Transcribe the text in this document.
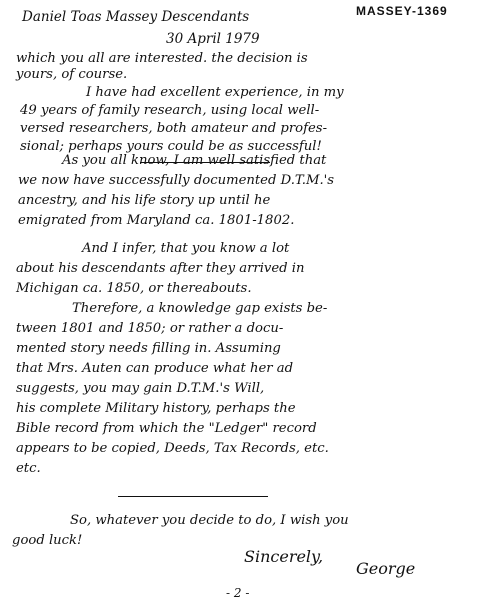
Daniel Toas Massey Descendants	MASSEY-1369
30 April 1979
which you all are interested. the decision is
yours, of course.
I have had excellent experience, in my
49 years of family research, using local well-
versed researchers, both amateur and profes-
sional; perhaps yours could be as successful!
As you all know, I am well satisfied that
we now have successfully documented D.T.M.'s
ancestry, and his life story up until he
emigrated from Maryland ca. 1801-1802.
And I infer, that you know a lot
about his descendants after they arrived in
Michigan ca. 1850, or thereabouts.
Therefore, a knowledge gap exists be-
tween 1801 and 1850; or rather a docu-
mented story needs filling in. Assuming
that Mrs. Auten can produce what her ad
suggests, you may gain D.T.M.'s Will,
his complete Military history, perhaps the
Bible record from which the "Ledger" record
appears to be copied, Deeds, Tax Records, etc.
etc.
So, whatever you decide to do, I wish you
good luck!
Sincerely,
George
- 2 -
